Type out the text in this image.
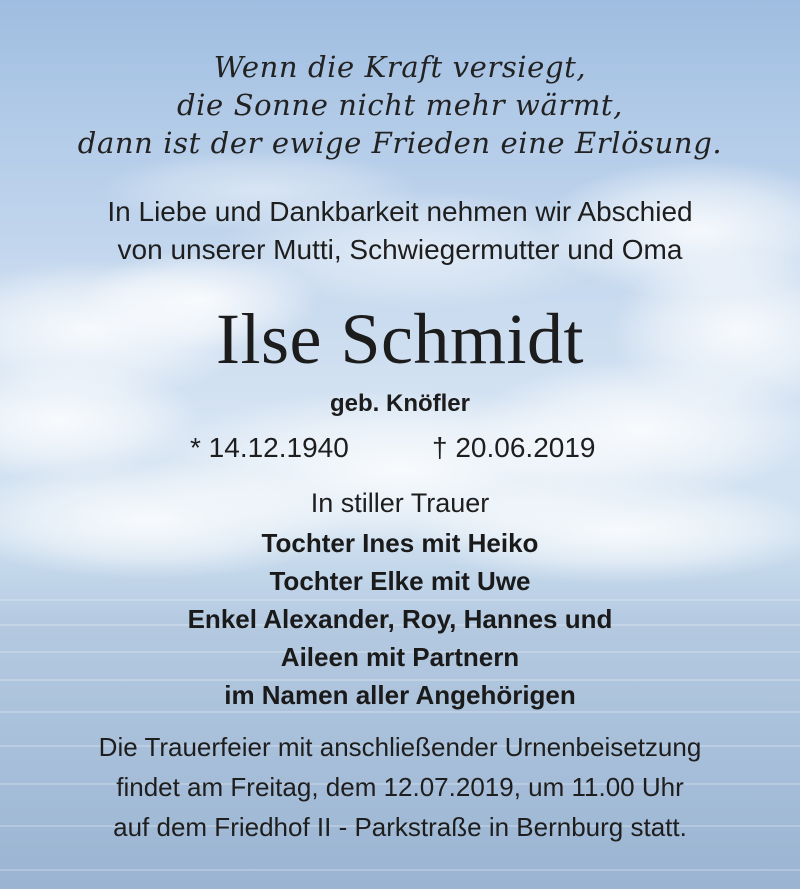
Wenn die Kraft versiegt,
die Sonne nicht mehr wärmt,
dann ist der ewige Frieden eine Erlösung.
In Liebe und Dankbarkeit nehmen wir Abschied
von unserer Mutti, Schwiegermutter und Oma
Ilse Schmidt
geb. Knöfler
* 14.12.1940	† 20.06.2019
In stiller Trauer
Tochter Ines mit Heiko
Tochter Elke mit Uwe
Enkel Alexander, Roy, Hannes und
Aileen mit Partnern
im Namen aller Angehörigen
Die Trauerfeier mit anschließender Urnenbeisetzung
findet am Freitag, dem 12.07.2019, um 11.00 Uhr
auf dem Friedhof II - Parkstraße in Bernburg statt.
